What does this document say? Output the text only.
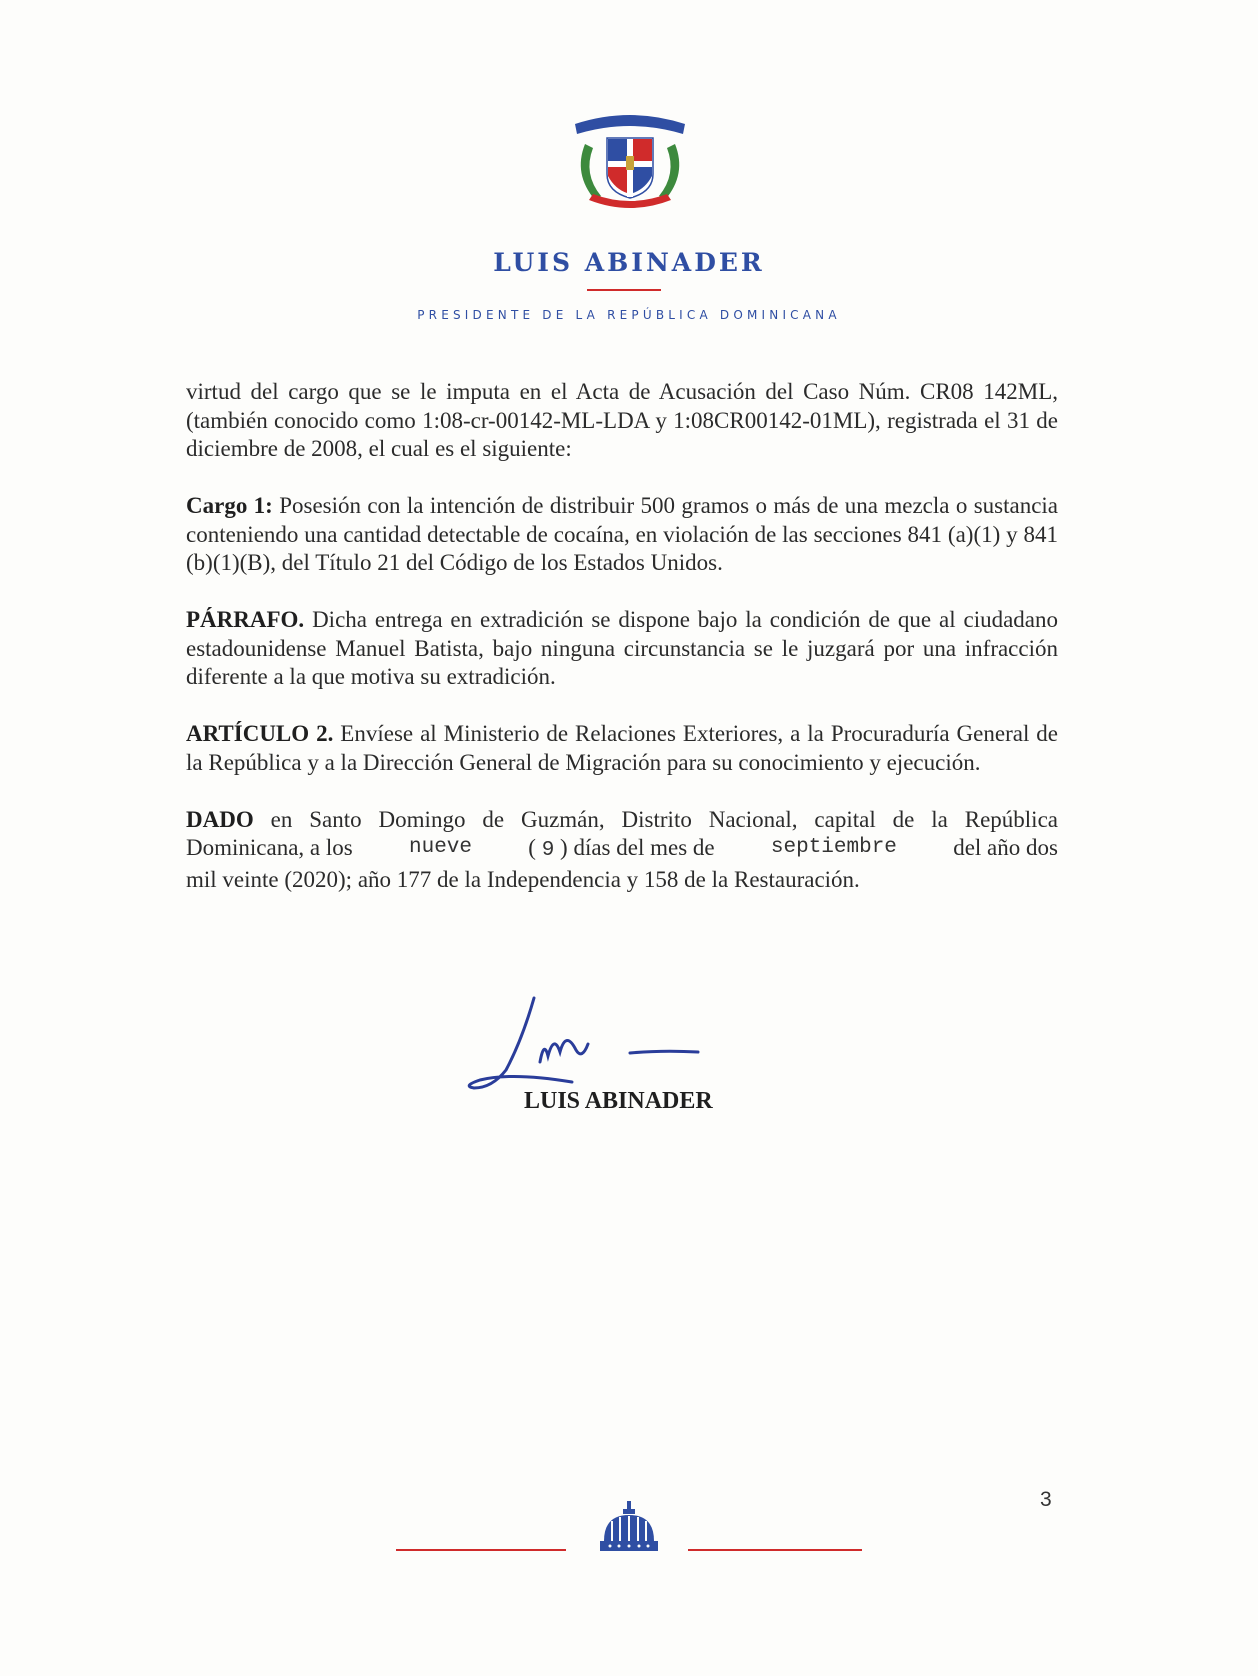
LUIS ABINADER
PRESIDENTE DE LA REPÚBLICA DOMINICANA

virtud del cargo que se le imputa en el Acta de Acusación del Caso Núm. CR08 142ML, (también conocido como 1:08-cr-00142-ML-LDA y 1:08CR00142-01ML), registrada el 31 de diciembre de 2008, el cual es el siguiente:

Cargo 1: Posesión con la intención de distribuir 500 gramos o más de una mezcla o sustancia conteniendo una cantidad detectable de cocaína, en violación de las secciones 841 (a)(1) y 841 (b)(1)(B), del Título 21 del Código de los Estados Unidos.

PÁRRAFO. Dicha entrega en extradición se dispone bajo la condición de que al ciudadano estadounidense Manuel Batista, bajo ninguna circunstancia se le juzgará por una infracción diferente a la que motiva su extradición.

ARTÍCULO 2. Envíese al Ministerio de Relaciones Exteriores, a la Procuraduría General de la República y a la Dirección General de Migración para su conocimiento y ejecución.

DADO en Santo Domingo de Guzmán, Distrito Nacional, capital de la República
Dominicana, a los	nueve ( 9 ) días del mes de	septiembre del año dos
mil veinte (2020); año 177 de la Independencia y 158 de la Restauración.
LUIS ABINADER
3
